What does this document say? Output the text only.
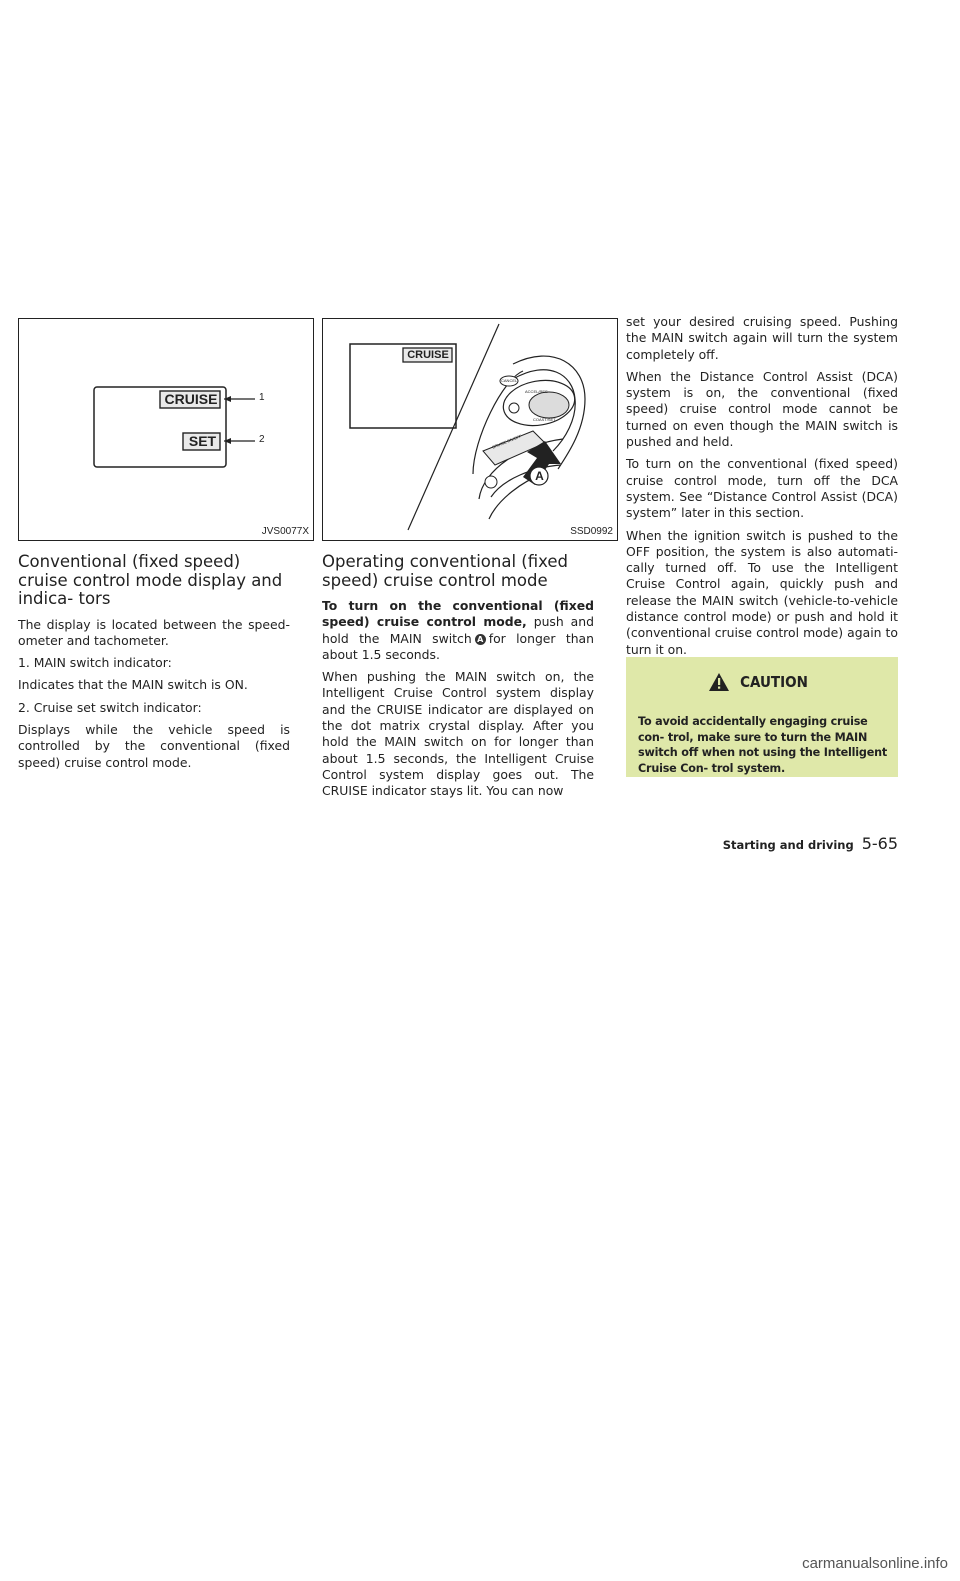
CRUISE
SET
1
2
JVS0077X
CRUISE
CANCEL
ACCEL/RES
COAST/SET
CRUISE ON/OFF
A
SSD0992
Conventional (fixed speed) cruise control mode display and indica- tors

The display is located between the speed- ometer and tachometer.

1. MAIN switch indicator:

Indicates that the MAIN switch is ON.

2. Cruise set switch indicator:

Displays while the vehicle speed is controlled by the conventional (fixed speed) cruise control mode.

Operating conventional (fixed speed) cruise control mode

To turn on the conventional (fixed speed) cruise control mode, push and hold the MAIN switch A for longer than about 1.5 seconds.

When pushing the MAIN switch on, the Intelligent Cruise Control system display and the CRUISE indicator are displayed on the dot matrix crystal display. After you hold the MAIN switch on for longer than about 1.5 seconds, the Intelligent Cruise Control system display goes out. The CRUISE indicator stays lit. You can now

set your desired cruising speed. Pushing the MAIN switch again will turn the system completely off.

When the Distance Control Assist (DCA) system is on, the conventional (fixed speed) cruise control mode cannot be turned on even though the MAIN switch is pushed and held.

To turn on the conventional (fixed speed) cruise control mode, turn off the DCA system. See “Distance Control Assist (DCA) system” later in this section.

When the ignition switch is pushed to the OFF position, the system is also automati- cally turned off. To use the Intelligent Cruise Control again, quickly push and release the MAIN switch (vehicle-to-vehicle distance control mode) or push and hold it (conventional cruise control mode) again to turn it on.

CAUTION
To avoid accidentally engaging cruise con- trol, make sure to turn the MAIN switch off when not using the Intelligent Cruise Con- trol system.
Starting and driving 5-65
carmanualsonline.info
